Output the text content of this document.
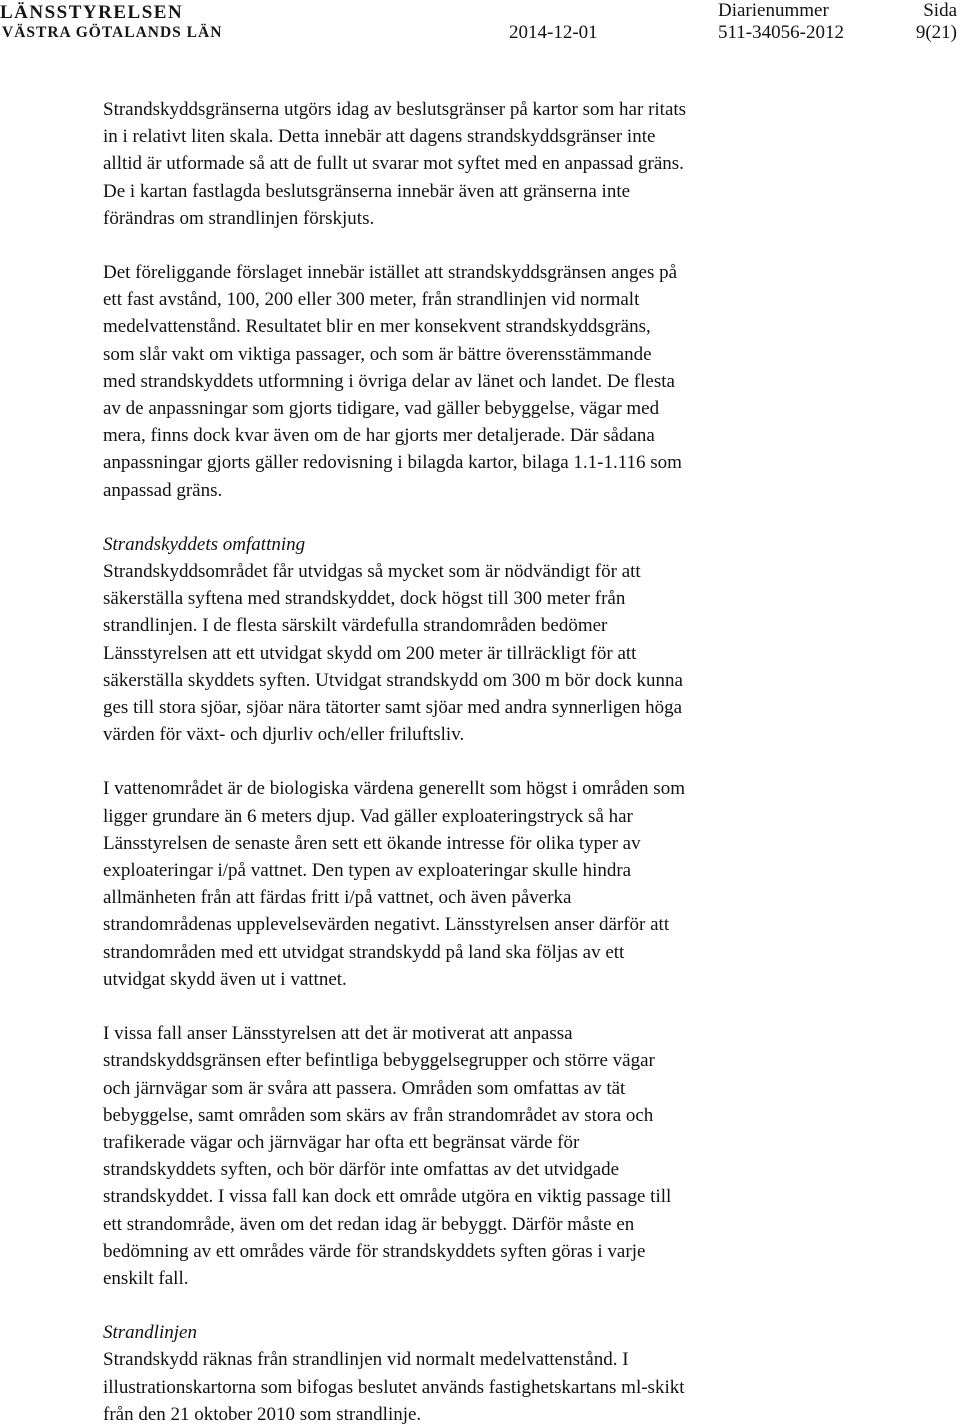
LÄNSSTYRELSEN
VÄSTRA GÖTALANDS LÄN	2014-12-01
Diarienummer
511-34056-2012
Sida
9(21)

Strandskyddsgränserna utgörs idag av beslutsgränser på kartor som har ritats
in i relativt liten skala. Detta innebär att dagens strandskyddsgränser inte
alltid är utformade så att de fullt ut svarar mot syftet med en anpassad gräns.
De i kartan fastlagda beslutsgränserna innebär även att gränserna inte
förändras om strandlinjen förskjuts.

Det föreliggande förslaget innebär istället att strandskyddsgränsen anges på
ett fast avstånd, 100, 200 eller 300 meter, från strandlinjen vid normalt
medelvattenstånd. Resultatet blir en mer konsekvent strandskyddsgräns,
som slår vakt om viktiga passager, och som är bättre överensstämmande
med strandskyddets utformning i övriga delar av länet och landet. De flesta
av de anpassningar som gjorts tidigare, vad gäller bebyggelse, vägar med
mera, finns dock kvar även om de har gjorts mer detaljerade. Där sådana
anpassningar gjorts gäller redovisning i bilagda kartor, bilaga 1.1-1.116 som
anpassad gräns.

Strandskyddets omfattning

Strandskyddsområdet får utvidgas så mycket som är nödvändigt för att
säkerställa syftena med strandskyddet, dock högst till 300 meter från
strandlinjen. I de flesta särskilt värdefulla strandområden bedömer
Länsstyrelsen att ett utvidgat skydd om 200 meter är tillräckligt för att
säkerställa skyddets syften. Utvidgat strandskydd om 300 m bör dock kunna
ges till stora sjöar, sjöar nära tätorter samt sjöar med andra synnerligen höga
värden för växt- och djurliv och/eller friluftsliv.

I vattenområdet är de biologiska värdena generellt som högst i områden som
ligger grundare än 6 meters djup. Vad gäller exploateringstryck så har
Länsstyrelsen de senaste åren sett ett ökande intresse för olika typer av
exploateringar i/på vattnet. Den typen av exploateringar skulle hindra
allmänheten från att färdas fritt i/på vattnet, och även påverka
strandområdenas upplevelsevärden negativt. Länsstyrelsen anser därför att
strandområden med ett utvidgat strandskydd på land ska följas av ett
utvidgat skydd även ut i vattnet.

I vissa fall anser Länsstyrelsen att det är motiverat att anpassa
strandskyddsgränsen efter befintliga bebyggelsegrupper och större vägar
och järnvägar som är svåra att passera. Områden som omfattas av tät
bebyggelse, samt områden som skärs av från strandområdet av stora och
trafikerade vägar och järnvägar har ofta ett begränsat värde för
strandskyddets syften, och bör därför inte omfattas av det utvidgade
strandskyddet. I vissa fall kan dock ett område utgöra en viktig passage till
ett strandområde, även om det redan idag är bebyggt. Därför måste en
bedömning av ett områdes värde för strandskyddets syften göras i varje
enskilt fall.

Strandlinjen

Strandskydd räknas från strandlinjen vid normalt medelvattenstånd. I
illustrationskartorna som bifogas beslutet används fastighetskartans ml-skikt
från den 21 oktober 2010 som strandlinje.
